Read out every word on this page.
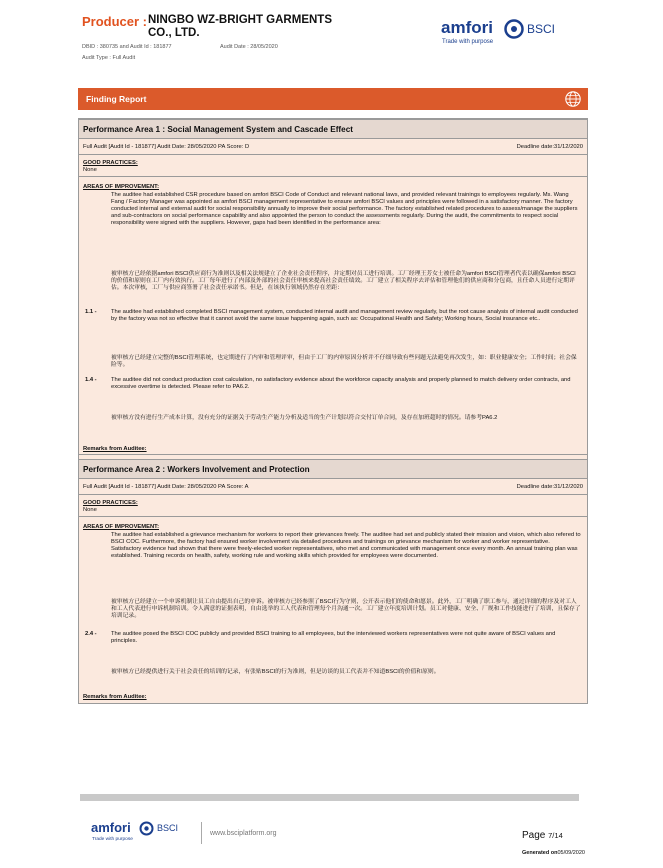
Producer : NINGBO WZ-BRIGHT GARMENTS CO., LTD.
DBID : 380735 and Audit Id : 181877	Audit Date : 28/05/2020
Audit Type : Full Audit
amfori	BSCI
Trade with purpose
Finding Report
Performance Area 1 : Social Management System and Cascade Effect
Full Audit [Audit Id - 181877] Audit Date: 28/05/2020 PA Score: D	Deadline date:31/12/2020
GOOD PRACTICES:
None
AREAS OF IMPROVEMENT:
The auditee had established CSR procedure based on amfori BSCI Code of Conduct and relevant national laws, and provided relevant trainings to employees regularly. Ms. Wang Fang / Factory Manager was appointed as amfori BSCI management representative to ensure amfori BSCI values and principles were followed in a satisfactory manner. The factory conducted internal and external audit for social responsibility annually to improve their social performance. The factory established related procedures to assess/manage the suppliers and sub-contractors on social performance capability and also appointed the person to conduct the assessments regularly. During the audit, the commitments to respect social responsibility were signed with the suppliers. However, gaps had been identified in the performance area:
被审核方已经依据amfori BSCI供应商行为准则以及相关法规建立了企业社会责任程序，并定期对员工进行培训。工厂经理王芳女士被任命为amfori BSCI管理者代表以确保amfori BSCI的价值和原则在工厂内有效执行。工厂每年进行了内部及外部的社会责任审核来提高社会责任绩效。工厂建立了相关程序去评估和管理他们的供应商和分包商，且任命人员进行定期评估。本次审核，工厂与供应商签署了社会责任承诺书。但是，在该执行领域仍然存在差距：
1.1 - The auditee had established completed BSCI management system, conducted internal audit and management review regularly, but the root cause analysis of internal audit conducted by the factory was not so effective that it cannot avoid the same issue happening again, such as: Occupational Health and Safety; Working hours, Social insurance etc..
被审核方已经建立完整的BSCI管理系统，也定期进行了内审和管理评审，但由于工厂的内审原因分析并不仔细导致有些问题无法避免再次发生，如：职业健康安全；工作时间；社会保险等。
1.4 - The auditee did not conduct production cost calculation, no satisfactory evidence about the workforce capacity analysis and properly planned to match delivery order contracts, and excessive overtime is detected. Please refer to PA6.2.
被审核方没有进行生产成本计算，没有充分的证据关于劳动生产能力分析及适当的生产计划以符合交付订单合同，及存在加班超时的情况。请参考PA6.2
Remarks from Auditee:
Performance Area 2 : Workers Involvement and Protection
Full Audit [Audit Id - 181877] Audit Date: 28/05/2020 PA Score: A	Deadline date:31/12/2020
GOOD PRACTICES:
None
AREAS OF IMPROVEMENT:
The auditee had established a grievance mechanism for workers to report their grievances freely. The auditee had set and publicly stated their mission and vision, which also refered to BSCI COC. Furthermore, the factory had ensured worker involvement via detailed procedures and trainings on grievance mechanism for worker and worker representative. Satisfactory evidence had shown that there were freely-elected worker representatives, who met and communicated with management once every month. An annual training plan was established. Training records on health, safety, working rule and working skills which provided for employees were documented.
被审核方已经建立一个申诉机制让员工自由提出自己的申诉。被审核方已经参照了BSCI行为守则，公开表示他们的使命和愿景。此外，工厂明确了职工参与，通过详细的程序及对工人和工人代表进行申诉机制培训。令人满意的证据表明，自由选举的工人代表和管理每个月沟通一次。工厂建立年度培训计划。员工对健康、安全、厂规和工作技能进行了培训，且保存了培训记录。
2.4 - The auditee posed the BSCI COC publicly and provided BSCI training to all employees, but the interviewed workers representatives were not quite aware of BSCI values and principles.
被审核方已经提供进行关于社会责任的培训的记录，有张贴BSCI的行为准则，但是访谈的员工代表并不知道BSCI的价值和原则。
Remarks from Auditee:
amfori	BSCI
Trade with purpose
www.bsciplatform.org	Page 7/14
Generated on05/09/2020
